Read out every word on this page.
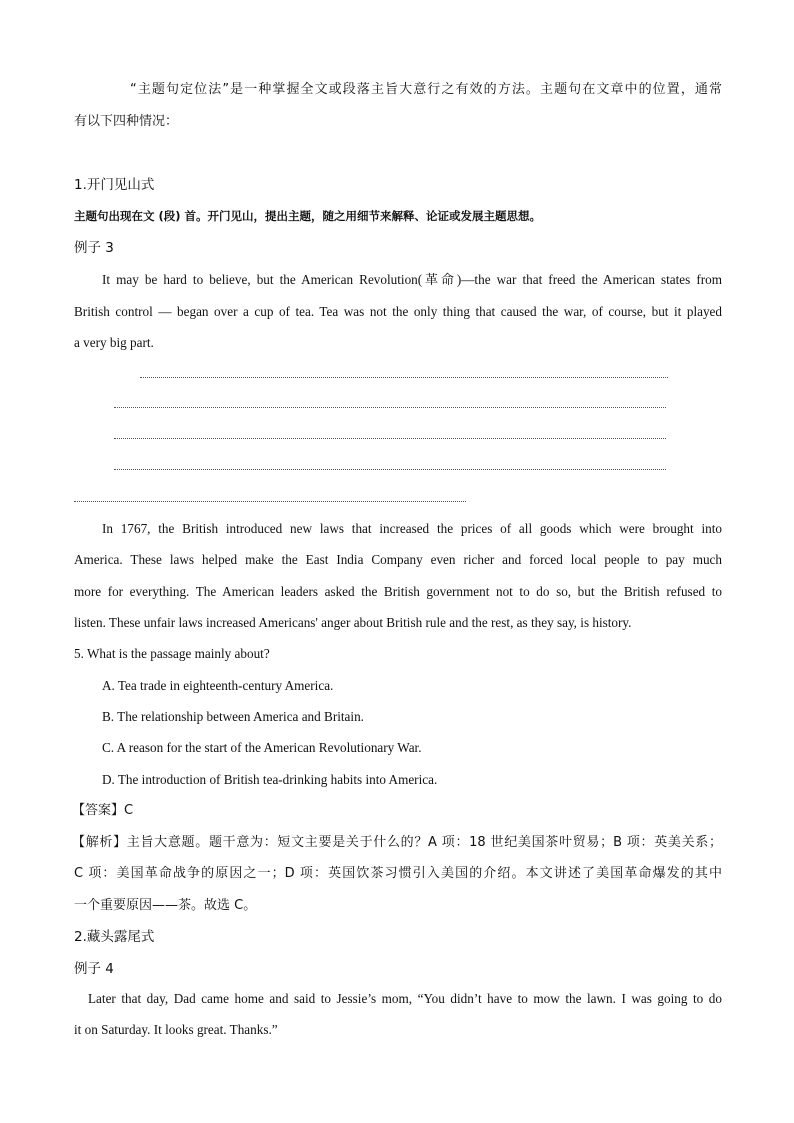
“主题句定位法”是一种掌握全文或段落主旨大意行之有效的方法。主题句在文章中的位置，通常
有以下四种情况：
1.开门见山式
主题句出现在文 (段) 首。开门见山，提出主题，随之用细节来解释、论证或发展主题思想。
例子 3
It may be hard to believe, but the American Revolution(革命)—the war that freed the American states from
British control — began over a cup of tea. Tea was not the only thing that caused the war, of course, but it played
a very big part.
In 1767, the British introduced new laws that increased the prices of all goods which were brought into
America. These laws helped make the East India Company even richer and forced local people to pay much
more for everything. The American leaders asked the British government not to do so, but the British refused to
listen. These unfair laws increased Americans' anger about British rule and the rest, as they say, is history.
5. What is the passage mainly about?
A. Tea trade in eighteenth-century America.
B. The relationship between America and Britain.
C. A reason for the start of the American Revolutionary War.
D. The introduction of British tea-drinking habits into America.
【答案】C
【解析】主旨大意题。题干意为：短文主要是关于什么的？A 项：18 世纪美国茶叶贸易；B 项：英美关系；
C 项：美国革命战争的原因之一；D 项：英国饮茶习惯引入美国的介绍。本文讲述了美国革命爆发的其中
一个重要原因——茶。故选 C。
2.藏头露尾式
例子 4
Later that day, Dad came home and said to Jessie’s mom, “You didn’t have to mow the lawn. I was going to do
it on Saturday. It looks great. Thanks.”
